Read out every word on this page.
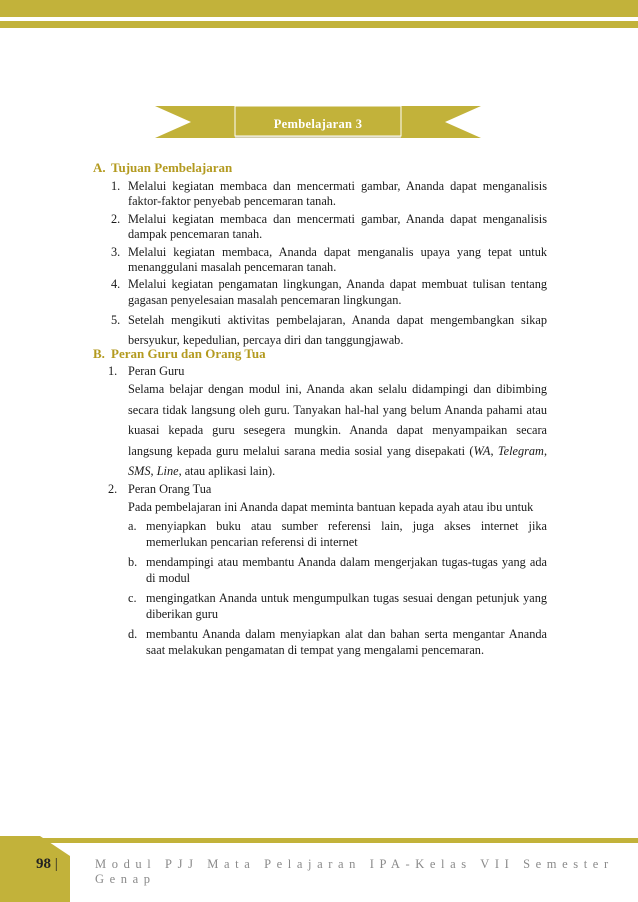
Pembelajaran 3
A. Tujuan Pembelajaran
1. Melalui kegiatan membaca dan mencermati gambar, Ananda dapat menganalisis faktor-faktor penyebab pencemaran tanah.
2. Melalui kegiatan membaca dan mencermati gambar, Ananda dapat menganalisis dampak pencemaran tanah.
3. Melalui kegiatan membaca, Ananda dapat menganalis upaya yang tepat untuk menanggulani masalah pencemaran tanah.
4. Melalui kegiatan pengamatan lingkungan, Ananda dapat membuat tulisan tentang gagasan penyelesaian masalah pencemaran lingkungan.
5. Setelah mengikuti aktivitas pembelajaran, Ananda dapat mengembangkan sikap bersyukur, kepedulian, percaya diri dan tanggungjawab.
B. Peran Guru dan Orang Tua
1. Peran Guru
Selama belajar dengan modul ini, Ananda akan selalu didampingi dan dibimbing secara tidak langsung oleh guru. Tanyakan hal-hal yang belum Ananda pahami atau kuasai kepada guru sesegera mungkin. Ananda dapat menyampaikan secara langsung kepada guru melalui sarana media sosial yang disepakati (WA, Telegram, SMS, Line, atau aplikasi lain).
2. Peran Orang Tua
Pada pembelajaran ini Ananda dapat meminta bantuan kepada ayah atau ibu untuk
a. menyiapkan buku atau sumber referensi lain, juga akses internet jika memerlukan pencarian referensi di internet
b. mendampingi atau membantu Ananda dalam mengerjakan tugas-tugas yang ada di modul
c. mengingatkan Ananda untuk mengumpulkan tugas sesuai dengan petunjuk yang diberikan guru
d. membantu Ananda dalam menyiapkan alat dan bahan serta mengantar Ananda saat melakukan pengamatan di tempat yang mengalami pencemaran.
98 |	Modul PJJ Mata Pelajaran IPA-Kelas VII Semester Genap
